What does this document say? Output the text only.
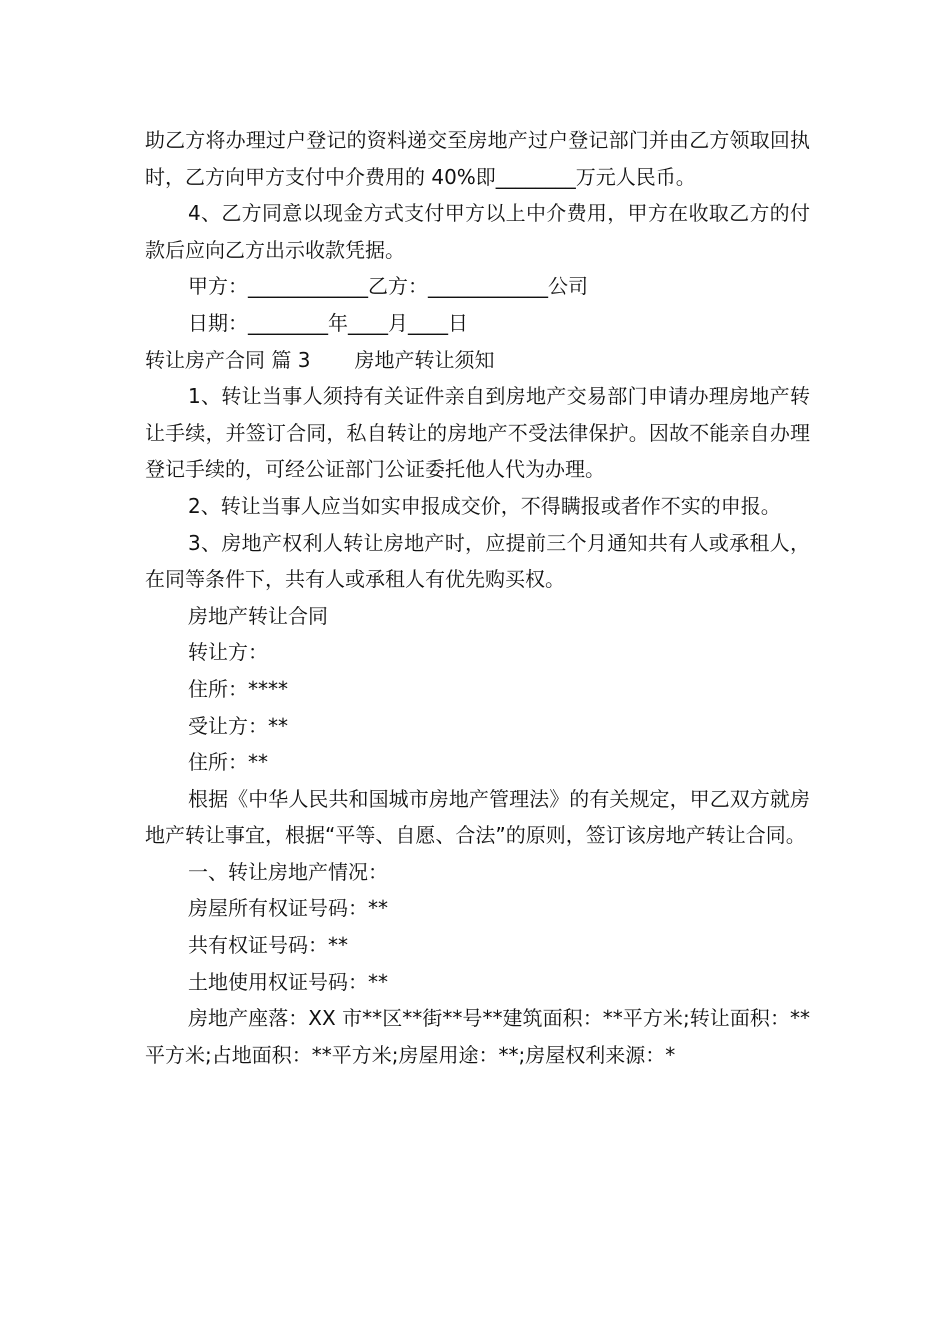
助乙方将办理过户登记的资料递交至房地产过户登记部门并由乙方领取回执时，乙方向甲方支付中介费用的 40%即________万元人民币。

4、乙方同意以现金方式支付甲方以上中介费用，甲方在收取乙方的付款后应向乙方出示收款凭据。

甲方：____________乙方：____________公司

日期：________年____月____日

转让房产合同 篇 3 房地产转让须知

1、转让当事人须持有关证件亲自到房地产交易部门申请办理房地产转让手续，并签订合同，私自转让的房地产不受法律保护。因故不能亲自办理登记手续的，可经公证部门公证委托他人代为办理。

2、转让当事人应当如实申报成交价，不得瞒报或者作不实的申报。

3、房地产权利人转让房地产时，应提前三个月通知共有人或承租人，在同等条件下，共有人或承租人有优先购买权。

房地产转让合同

转让方：

住所：****

受让方：**

住所：**

根据《中华人民共和国城市房地产管理法》的有关规定，甲乙双方就房地产转让事宜，根据“平等、自愿、合法”的原则，签订该房地产转让合同。

一、转让房地产情况：

房屋所有权证号码：**

共有权证号码：**

土地使用权证号码：**

房地产座落：XX 市**区**街**号**建筑面积：**平方米;转让面积：**平方米;占地面积：**平方米;房屋用途：**;房屋权利来源：*
